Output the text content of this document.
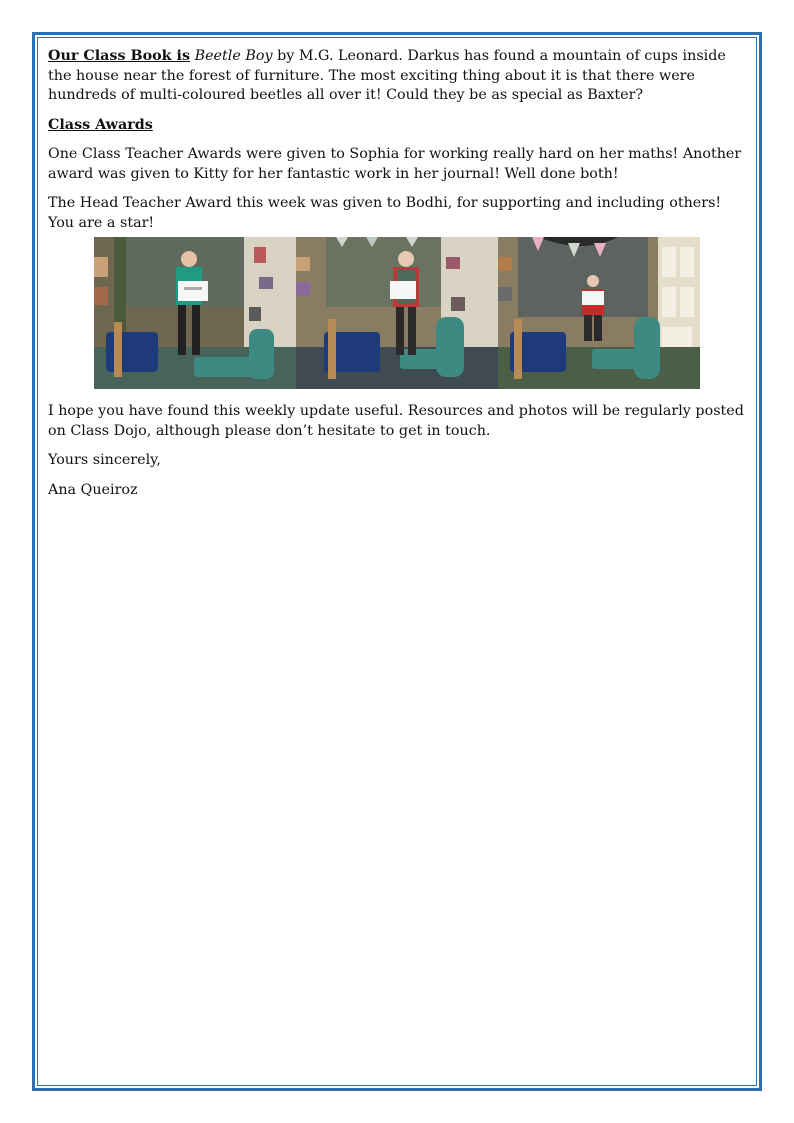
Our Class Book is Beetle Boy by M.G. Leonard. Darkus has found a mountain of cups inside the house near the forest of furniture. The most exciting thing about it is that there were hundreds of multi-coloured beetles all over it! Could they be as special as Baxter?

Class Awards

One Class Teacher Awards were given to Sophia for working really hard on her maths! Another award was given to Kitty for her fantastic work in her journal! Well done both!

The Head Teacher Award this week was given to Bodhi, for supporting and including others! You are a star!

I hope you have found this weekly update useful. Resources and photos will be regularly posted on Class Dojo, although please don’t hesitate to get in touch.

Yours sincerely,

Ana Queiroz
